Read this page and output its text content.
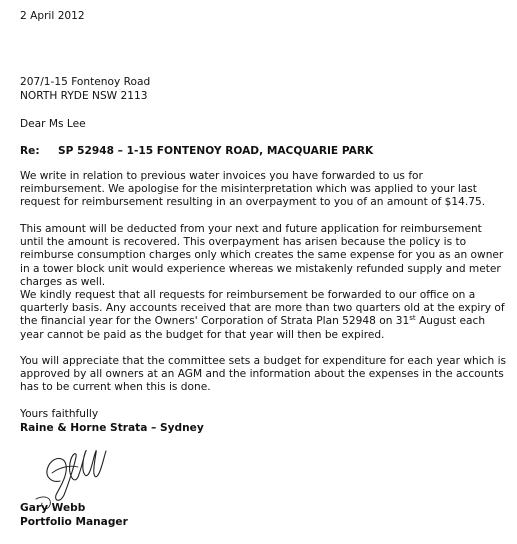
2 April 2012
207/1-15 Fontenoy Road
NORTH RYDE NSW 2113
Dear Ms Lee
Re: SP 52948 – 1-15 FONTENOY ROAD, MACQUARIE PARK

We write in relation to previous water invoices you have forwarded to us for reimbursement. We apologise for the misinterpretation which was applied to your last request for reimbursement resulting in an overpayment to you of an amount of $14.75.

This amount will be deducted from your next and future application for reimbursement until the amount is recovered. This overpayment has arisen because the policy is to reimburse consumption charges only which creates the same expense for you as an owner in a tower block unit would experience whereas we mistakenly refunded supply and meter charges as well.

We kindly request that all requests for reimbursement be forwarded to our office on a quarterly basis. Any accounts received that are more than two quarters old at the expiry of the financial year for the Owners' Corporation of Strata Plan 52948 on 31st August each year cannot be paid as the budget for that year will then be expired.

You will appreciate that the committee sets a budget for expenditure for each year which is approved by all owners at an AGM and the information about the expenses in the accounts has to be current when this is done.

Yours faithfully
Raine & Horne Strata – Sydney
Gary Webb
Portfolio Manager
